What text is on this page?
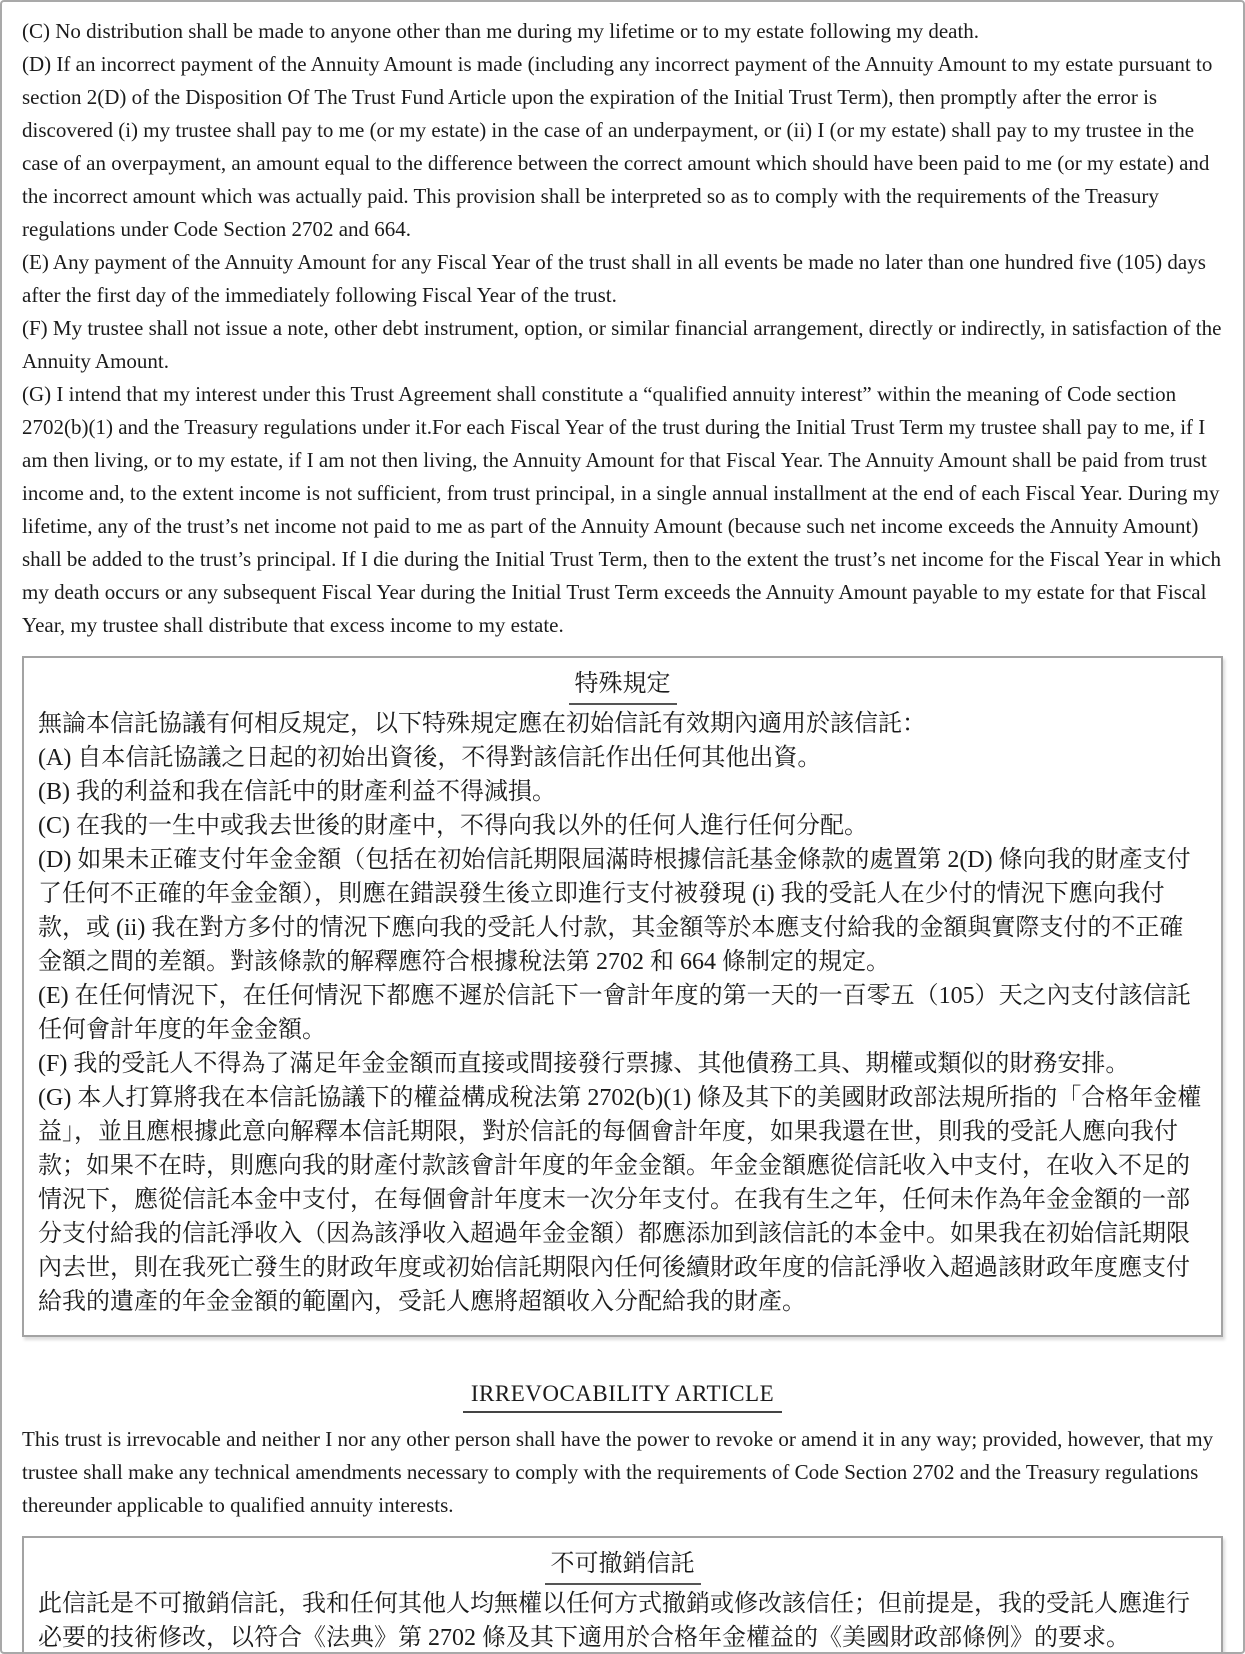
(C) No distribution shall be made to anyone other than me during my lifetime or to my estate following my death.

(D) If an incorrect payment of the Annuity Amount is made (including any incorrect payment of the Annuity Amount to my estate pursuant to section 2(D) of the Disposition Of The Trust Fund Article upon the expiration of the Initial Trust Term), then promptly after the error is discovered (i) my trustee shall pay to me (or my estate) in the case of an underpayment, or (ii) I (or my estate) shall pay to my trustee in the case of an overpayment, an amount equal to the difference between the correct amount which should have been paid to me (or my estate) and the incorrect amount which was actually paid. This provision shall be interpreted so as to comply with the requirements of the Treasury regulations under Code Section 2702 and 664.

(E) Any payment of the Annuity Amount for any Fiscal Year of the trust shall in all events be made no later than one hundred five (105) days after the first day of the immediately following Fiscal Year of the trust.

(F) My trustee shall not issue a note, other debt instrument, option, or similar financial arrangement, directly or indirectly, in satisfaction of the Annuity Amount.

(G) I intend that my interest under this Trust Agreement shall constitute a “qualified annuity interest” within the meaning of Code section 2702(b)(1) and the Treasury regulations under it.For each Fiscal Year of the trust during the Initial Trust Term my trustee shall pay to me, if I am then living, or to my estate, if I am not then living, the Annuity Amount for that Fiscal Year. The Annuity Amount shall be paid from trust income and, to the extent income is not sufficient, from trust principal, in a single annual installment at the end of each Fiscal Year. During my lifetime, any of the trust’s net income not paid to me as part of the Annuity Amount (because such net income exceeds the Annuity Amount) shall be added to the trust’s principal. If I die during the Initial Trust Term, then to the extent the trust’s net income for the Fiscal Year in which my death occurs or any subsequent Fiscal Year during the Initial Trust Term exceeds the Annuity Amount payable to my estate for that Fiscal Year, my trustee shall distribute that excess income to my estate.

特殊規定

無論本信託協議有何相反規定，以下特殊規定應在初始信託有效期內適用於該信託：

(A) 自本信託協議之日起的初始出資後，不得對該信託作出任何其他出資。

(B) 我的利益和我在信託中的財產利益不得減損。

(C) 在我的一生中或我去世後的財產中，不得向我以外的任何人進行任何分配。

(D) 如果未正確支付年金金額（包括在初始信託期限屆滿時根據信託基金條款的處置第 2(D) 條向我的財產支付了任何不正確的年金金額），則應在錯誤發生後立即進行支付被發現 (i) 我的受託人在少付的情況下應向我付款，或 (ii) 我在對方多付的情況下應向我的受託人付款，其金額等於本應支付給我的金額與實際支付的不正確金額之間的差額。對該條款的解釋應符合根據稅法第 2702 和 664 條制定的規定。

(E) 在任何情況下，在任何情況下都應不遲於信託下一會計年度的第一天的一百零五（105）天之內支付該信託任何會計年度的年金金額。

(F) 我的受託人不得為了滿足年金金額而直接或間接發行票據、其他債務工具、期權或類似的財務安排。

(G) 本人打算將我在本信託協議下的權益構成稅法第 2702(b)(1) 條及其下的美國財政部法規所指的「合格年金權益」，並且應根據此意向解釋本信託期限，對於信託的每個會計年度，如果我還在世，則我的受託人應向我付款；如果不在時，則應向我的財產付款該會計年度的年金金額。年金金額應從信託收入中支付，在收入不足的情況下，應從信託本金中支付，在每個會計年度末一次分年支付。在我有生之年，任何未作為年金金額的一部分支付給我的信託淨收入（因為該淨收入超過年金金額）都應添加到該信託的本金中。如果我在初始信託期限內去世，則在我死亡發生的財政年度或初始信託期限內任何後續財政年度的信託淨收入超過該財政年度應支付給我的遺產的年金金額的範圍內，受託人應將超額收入分配給我的財產。

IRREVOCABILITY ARTICLE

This trust is irrevocable and neither I nor any other person shall have the power to revoke or amend it in any way; provided, however, that my trustee shall make any technical amendments necessary to comply with the requirements of Code Section 2702 and the Treasury regulations thereunder applicable to qualified annuity interests.

不可撤銷信託

此信託是不可撤銷信託，我和任何其他人均無權以任何方式撤銷或修改該信任；但前提是，我的受託人應進行必要的技術修改，以符合《法典》第 2702 條及其下適用於合格年金權益的《美國財政部條例》的要求。
